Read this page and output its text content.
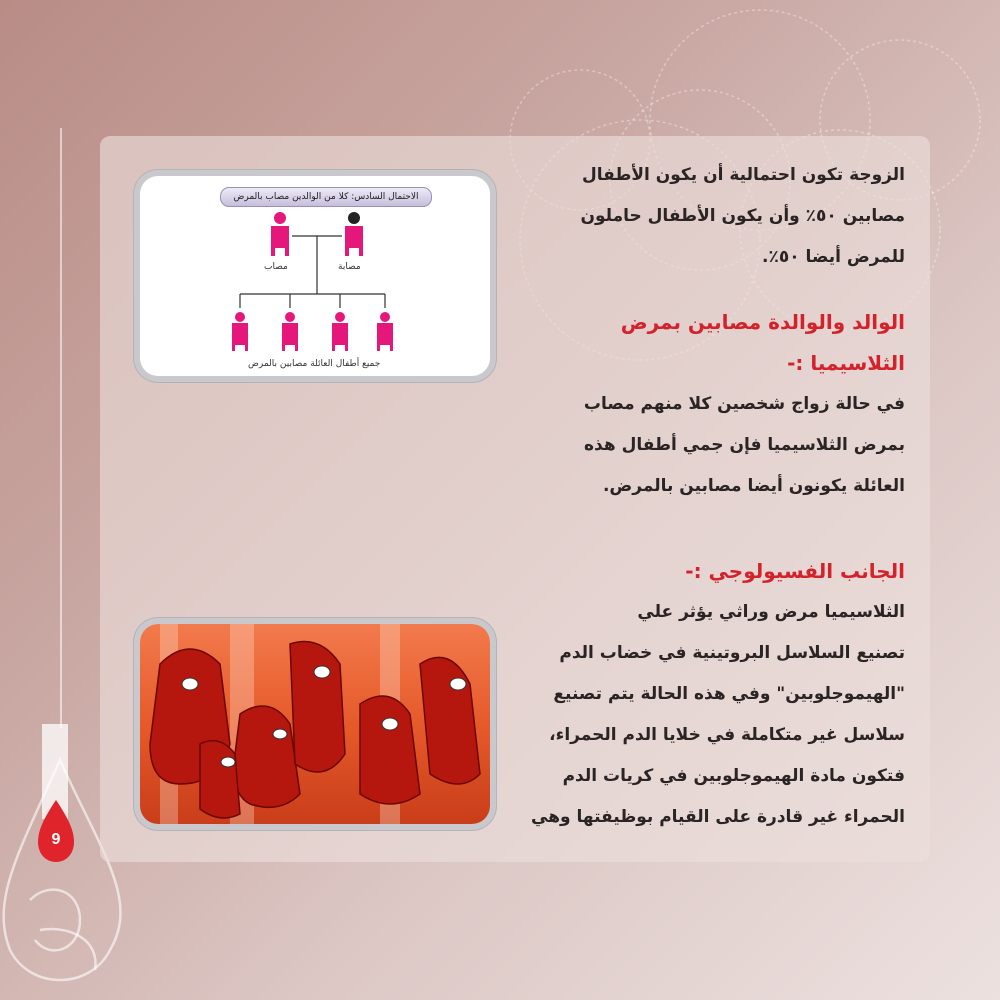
الاحتمال السادس: كلا من الوالدين مصاب بالمرض
مصاب	مصابة
جميع أطفال العائلة مصابين بالمرض
9

الزوجة تكون احتمالية أن يكون الأطفال

مصابين ٥٠٪ وأن يكون الأطفال حاملون

للمرض أيضا ٥٠٪.

الوالد والوالدة مصابين بمرض

الثلاسيميا :-

في حالة زواج شخصين كلا منهم مصاب

بمرض الثلاسيميا فإن جمي أطفال هذه

العائلة يكونون أيضا مصابين بالمرض.

الجانب الفسيولوجي :-

الثلاسيميا مرض وراثي يؤثر علي

تصنيع السلاسل البروتينية في خضاب الدم

"الهيموجلوبين" وفي هذه الحالة يتم تصنيع

سلاسل غير متكاملة في خلايا الدم الحمراء،

فتكون مادة الهيموجلوبين في كريات الدم

الحمراء غير قادرة على القيام بوظيفتها وهي
